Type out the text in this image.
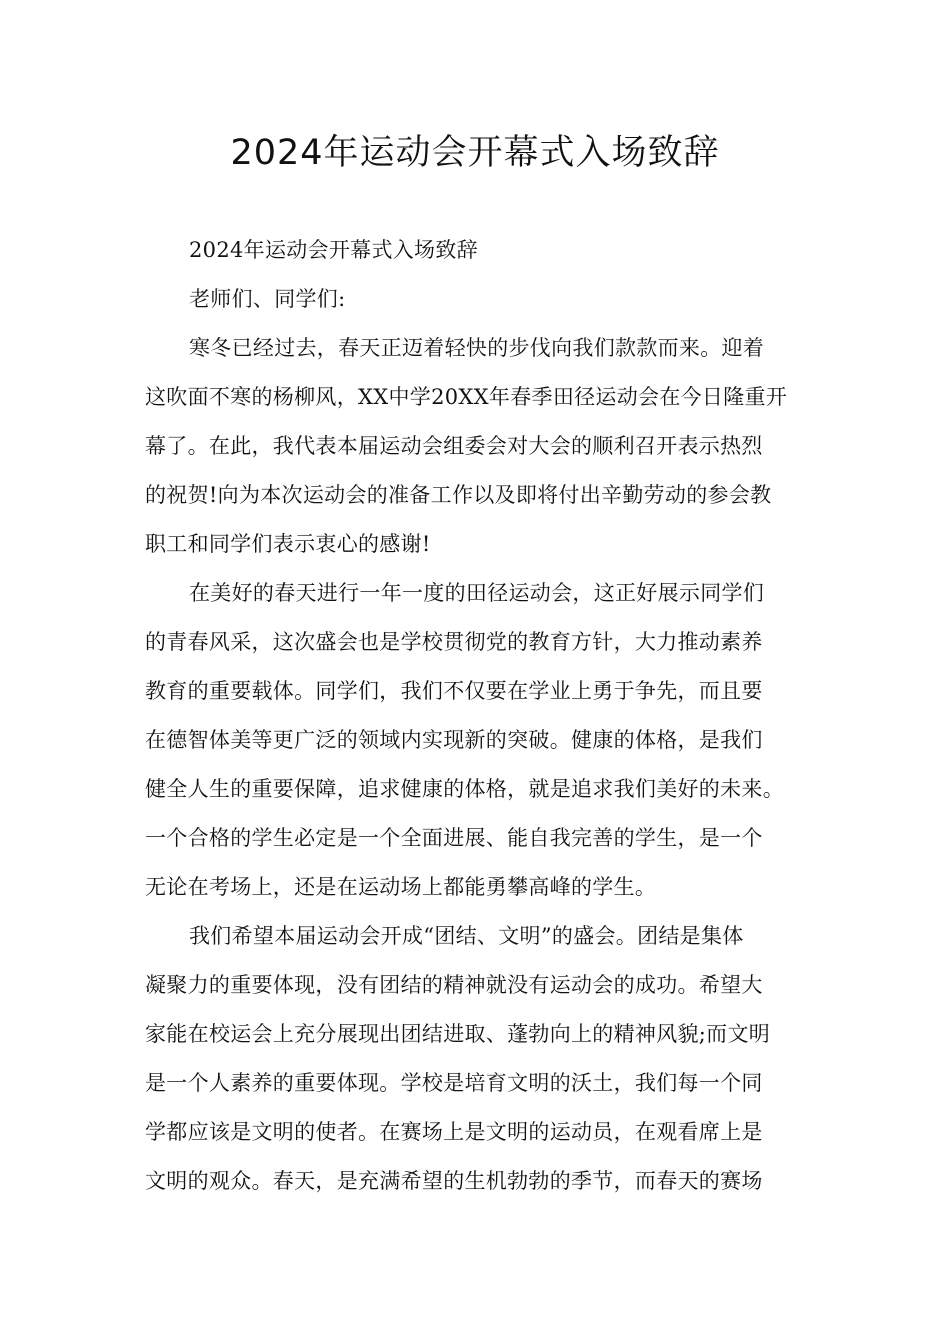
2024年运动会开幕式入场致辞
2024年运动会开幕式入场致辞
老师们、同学们:
寒冬已经过去，春天正迈着轻快的步伐向我们款款而来。迎着
这吹面不寒的杨柳风，XX中学20XX年春季田径运动会在今日隆重开
幕了。在此，我代表本届运动会组委会对大会的顺利召开表示热烈
的祝贺!向为本次运动会的准备工作以及即将付出辛勤劳动的参会教
职工和同学们表示衷心的感谢!
在美好的春天进行一年一度的田径运动会，这正好展示同学们
的青春风采，这次盛会也是学校贯彻党的教育方针，大力推动素养
教育的重要载体。同学们，我们不仅要在学业上勇于争先，而且要
在德智体美等更广泛的领域内实现新的突破。健康的体格，是我们
健全人生的重要保障，追求健康的体格，就是追求我们美好的未来。
一个合格的学生必定是一个全面进展、能自我完善的学生，是一个
无论在考场上，还是在运动场上都能勇攀高峰的学生。
我们希望本届运动会开成“团结、文明”的盛会。团结是集体
凝聚力的重要体现，没有团结的精神就没有运动会的成功。希望大
家能在校运会上充分展现出团结进取、蓬勃向上的精神风貌;而文明
是一个人素养的重要体现。学校是培育文明的沃土，我们每一个同
学都应该是文明的使者。在赛场上是文明的运动员，在观看席上是
文明的观众。春天，是充满希望的生机勃勃的季节，而春天的赛场
